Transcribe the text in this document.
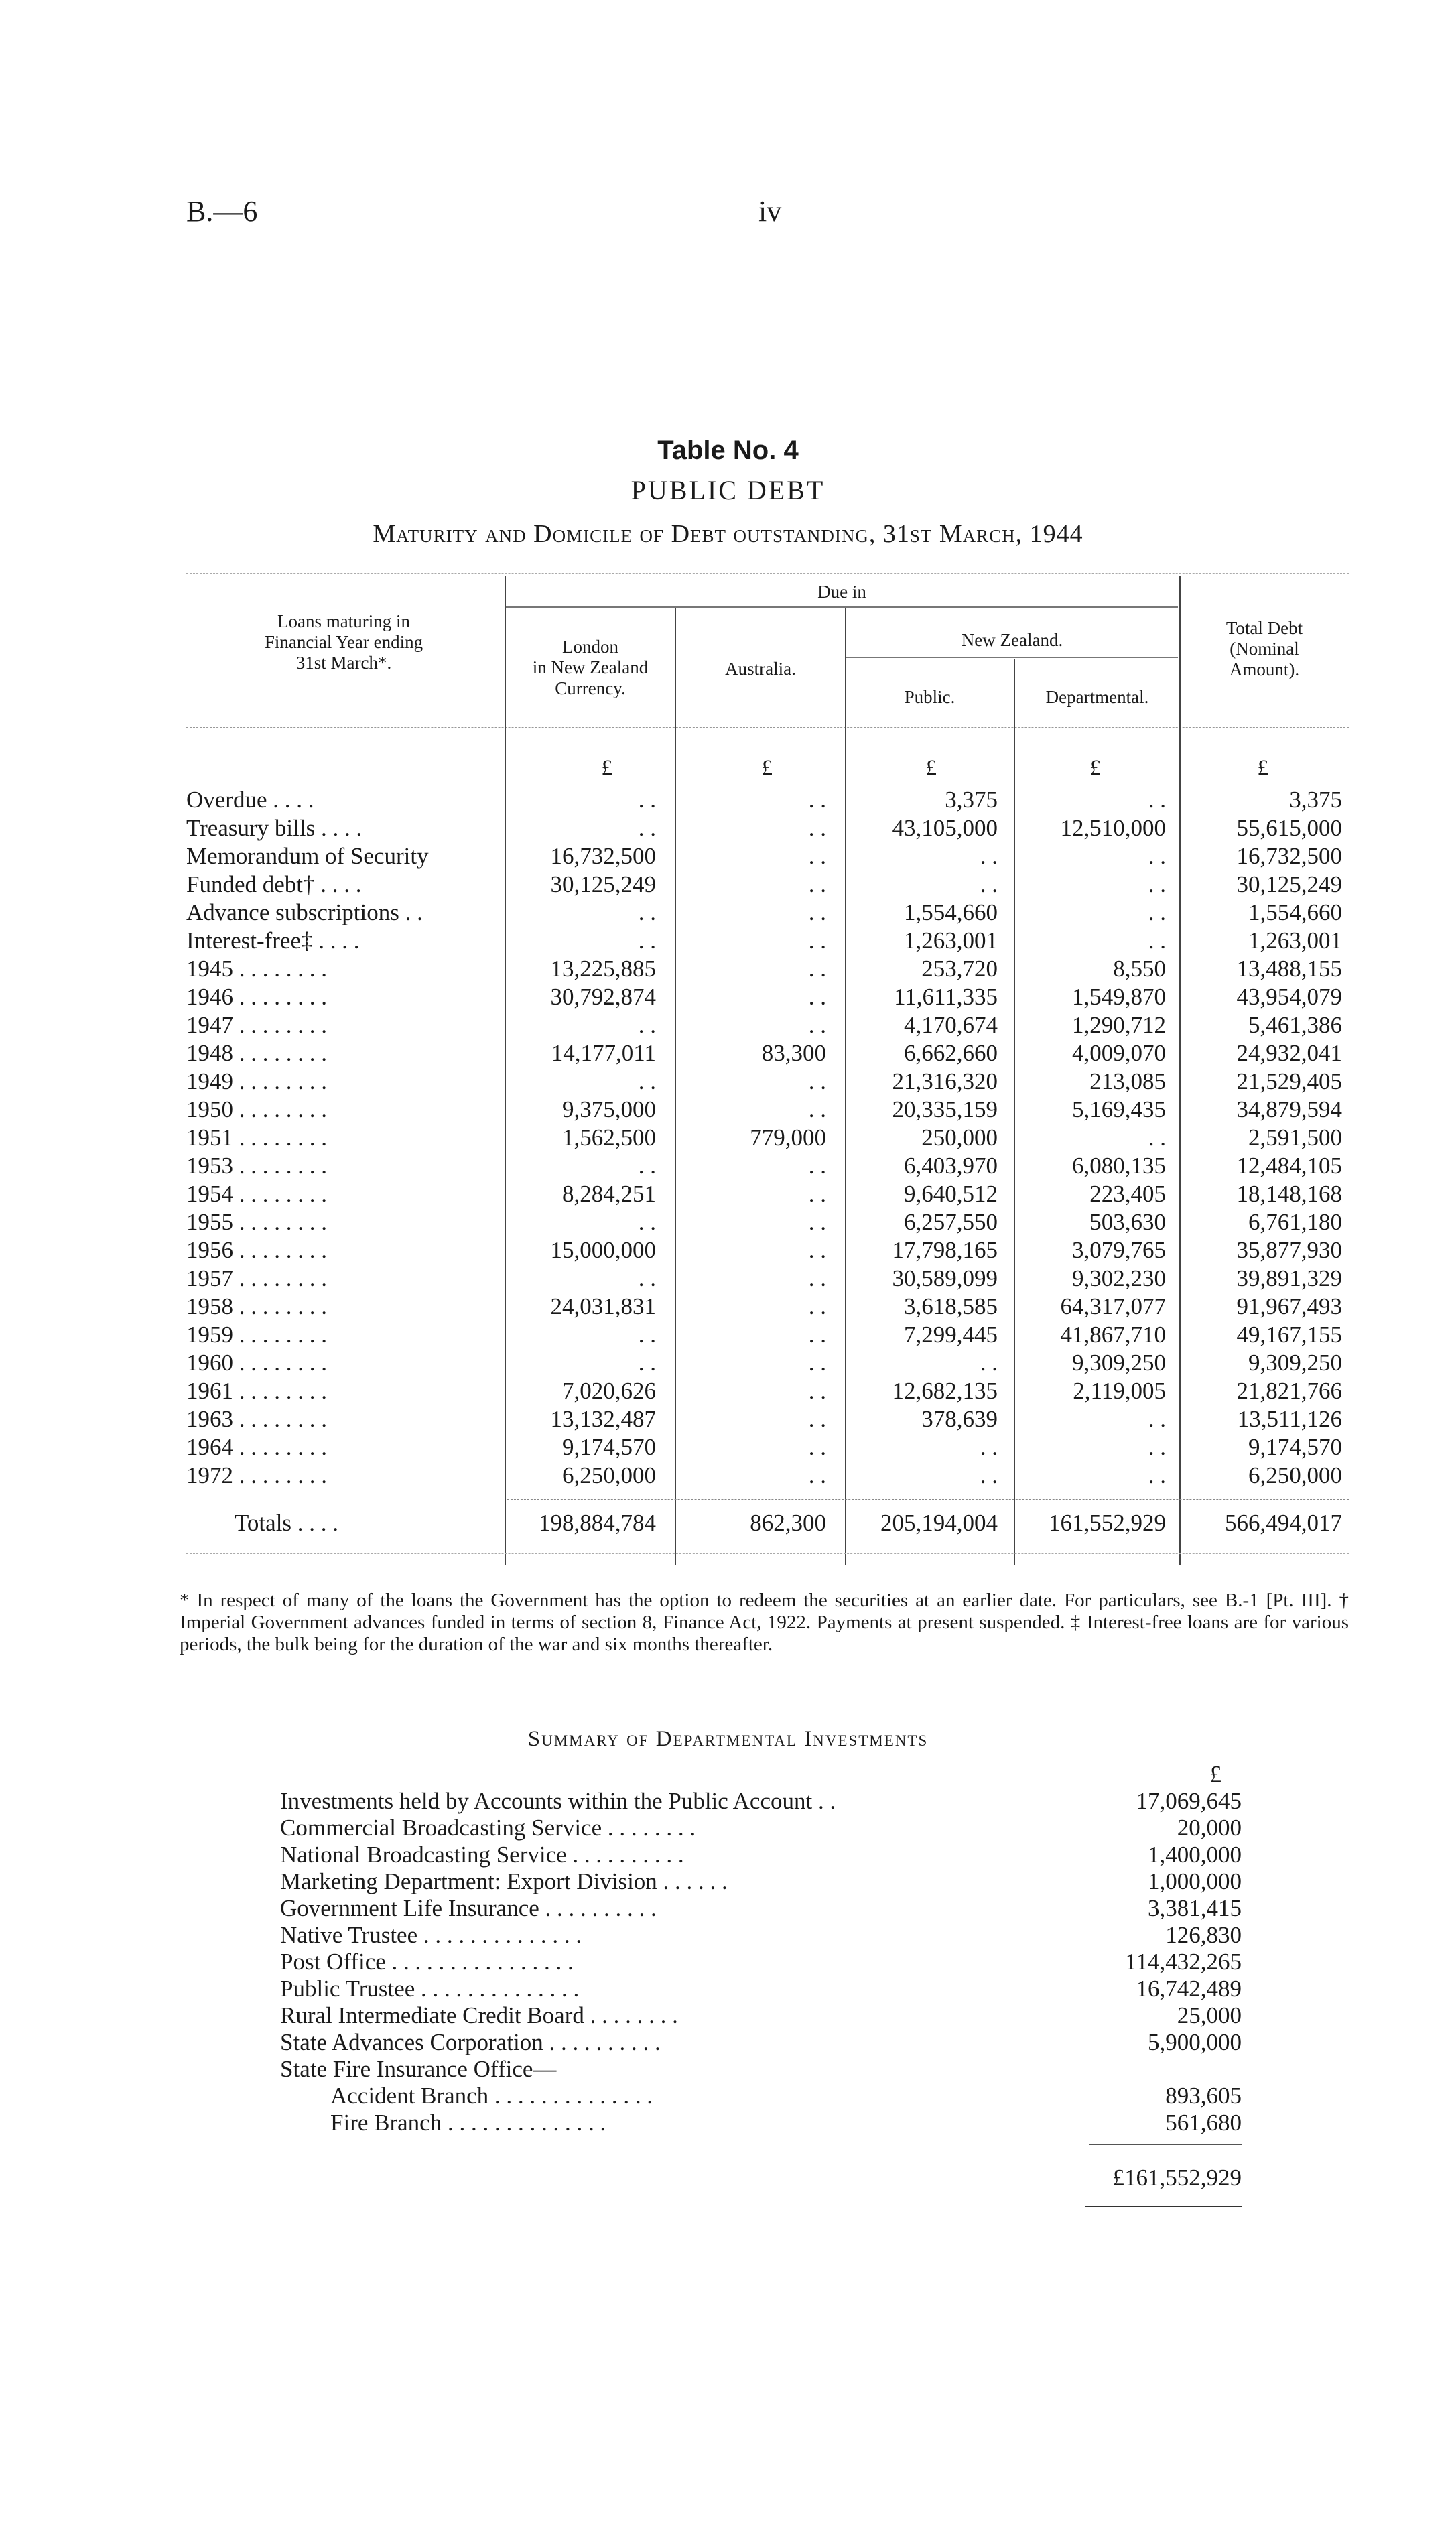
B.—6	iv
Table No. 4
PUBLIC DEBT
Maturity and Domicile of Debt outstanding, 31st March, 1944
Loans maturing in
Financial Year ending
31st March*.
Due in
London
in New Zealand
Currency.
Australia.
New Zealand.
Public.	Departmental.
Total Debt
(Nominal
Amount).
£	£	£	£	£
Overdue . . . .	. .	. .	3,375	. .	3,375
Treasury bills . . . .	. .	. .	43,105,000	12,510,000	55,615,000
Memorandum of Security	16,732,500	. .	. .	. .	16,732,500
Funded debt† . . . .	30,125,249	. .	. .	. .	30,125,249
Advance subscriptions . .	. .	. .	1,554,660	. .	1,554,660
Interest-free‡ . . . .	. .	. .	1,263,001	. .	1,263,001
1945 . . . . . . . .	13,225,885	. .	253,720	8,550	13,488,155
1946 . . . . . . . .	30,792,874	. .	11,611,335	1,549,870	43,954,079
1947 . . . . . . . .	. .	. .	4,170,674	1,290,712	5,461,386
1948 . . . . . . . .	14,177,011	83,300	6,662,660	4,009,070	24,932,041
1949 . . . . . . . .	. .	. .	21,316,320	213,085	21,529,405
1950 . . . . . . . .	9,375,000	. .	20,335,159	5,169,435	34,879,594
1951 . . . . . . . .	1,562,500	779,000	250,000	. .	2,591,500
1953 . . . . . . . .	. .	. .	6,403,970	6,080,135	12,484,105
1954 . . . . . . . .	8,284,251	. .	9,640,512	223,405	18,148,168
1955 . . . . . . . .	. .	. .	6,257,550	503,630	6,761,180
1956 . . . . . . . .	15,000,000	. .	17,798,165	3,079,765	35,877,930
1957 . . . . . . . .	. .	. .	30,589,099	9,302,230	39,891,329
1958 . . . . . . . .	24,031,831	. .	3,618,585	64,317,077	91,967,493
1959 . . . . . . . .	. .	. .	7,299,445	41,867,710	49,167,155
1960 . . . . . . . .	. .	. .	. .	9,309,250	9,309,250
1961 . . . . . . . .	7,020,626	. .	12,682,135	2,119,005	21,821,766
1963 . . . . . . . .	13,132,487	. .	378,639	. .	13,511,126
1964 . . . . . . . .	9,174,570	. .	. .	. .	9,174,570
1972 . . . . . . . .	6,250,000	. .	. .	. .	6,250,000
Totals . . . .	198,884,784	862,300 205,194,004 161,552,929	566,494,017
* In respect of many of the loans the Government has the option to redeem the securities at an earlier date. For particulars, see B.-1 [Pt. III]. † Imperial Government advances funded in terms of section 8, Finance Act, 1922. Payments at present suspended. ‡ Interest-free loans are for various periods, the bulk being for the duration of the war and six months thereafter.
Summary of Departmental Investments
£
Investments held by Accounts within the Public Account . .	17,069,645
Commercial Broadcasting Service . . . . . . . .	20,000
National Broadcasting Service . . . . . . . . . .	1,400,000
Marketing Department: Export Division . . . . . .	1,000,000
Government Life Insurance . . . . . . . . . .	3,381,415
Native Trustee . . . . . . . . . . . . . .	126,830
Post Office . . . . . . . . . . . . . . . .	114,432,265
Public Trustee . . . . . . . . . . . . . .	16,742,489
Rural Intermediate Credit Board . . . . . . . .	25,000
State Advances Corporation . . . . . . . . . .	5,900,000
State Fire Insurance Office—
Accident Branch . . . . . . . . . . . . . .	893,605
Fire Branch . . . . . . . . . . . . . .	561,680
£161,552,929
